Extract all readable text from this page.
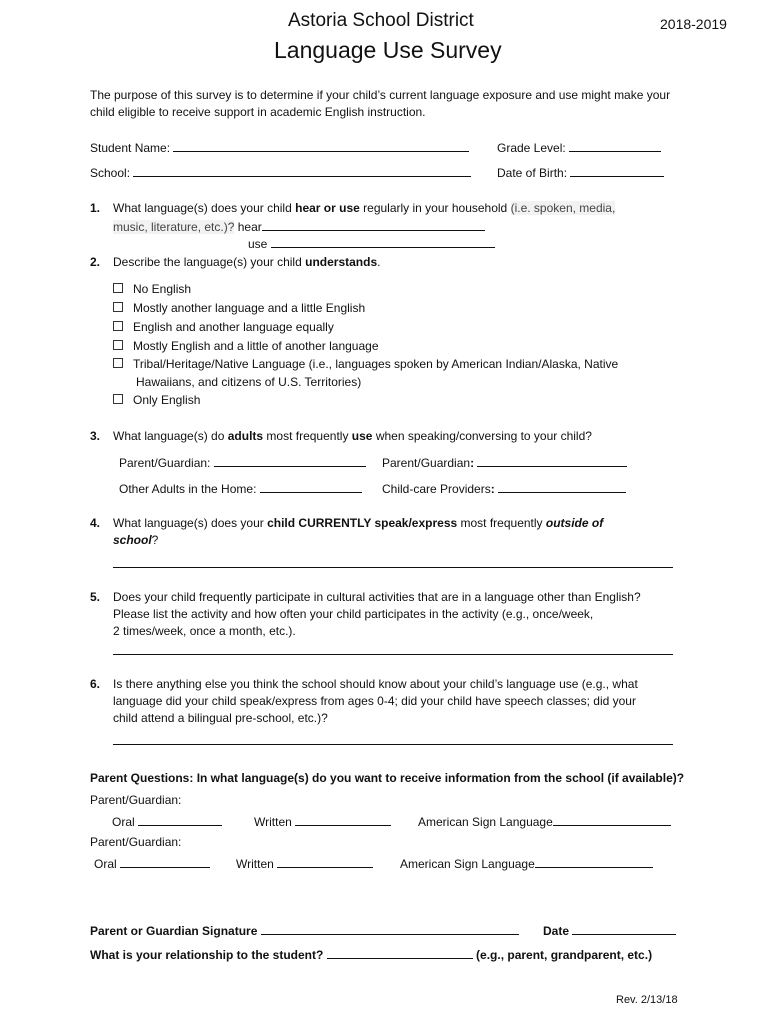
Astoria School District	2018-2019
Language Use Survey
The purpose of this survey is to determine if your child’s current language exposure and use might make your child eligible to receive support in academic English instruction.
Student Name:	Grade Level:
School:	Date of Birth:
1. What language(s) does your child hear or use regularly in your household (i.e. spoken, media,
music, literature, etc.)? hear
use
2. Describe the language(s) your child understands.
No English
Mostly another language and a little English
English and another language equally
Mostly English and a little of another language
Tribal/Heritage/Native Language (i.e., languages spoken by American Indian/Alaska, Native
Hawaiians, and citizens of U.S. Territories)
Only English
3. What language(s) do adults most frequently use when speaking/conversing to your child?
Parent/Guardian:	Parent/Guardian:
Other Adults in the Home:	Child-care Providers:
4. What language(s) does your child CURRENTLY speak/express most frequently outside of
school?
5. Does your child frequently participate in cultural activities that are in a language other than English?
Please list the activity and how often your child participates in the activity (e.g., once/week,
2 times/week, once a month, etc.).
6. Is there anything else you think the school should know about your child’s language use (e.g., what
language did your child speak/express from ages 0-4; did your child have speech classes; did your
child attend a bilingual pre-school, etc.)?
Parent Questions: In what language(s) do you want to receive information from the school (if available)?
Parent/Guardian:
Oral	Written	American Sign Language
Parent/Guardian:
Oral	Written	American Sign Language
Parent or Guardian Signature	Date
What is your relationship to the student?	(e.g., parent, grandparent, etc.)
Rev. 2/13/18
